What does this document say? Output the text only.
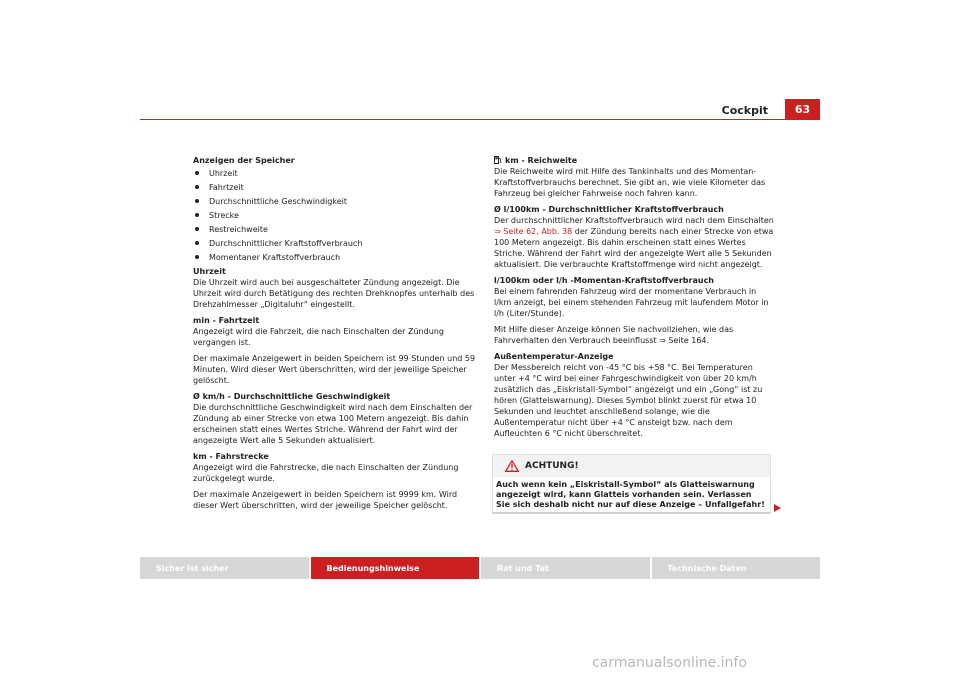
Cockpit	63

Anzeigen der Speicher

Uhrzeit
Fahrtzeit
Durchschnittliche Geschwindigkeit
Strecke
Restreichweite
Durchschnittlicher Kraftstoffverbrauch
Momentaner Kraftstoffverbrauch

Uhrzeit

Die Uhrzeit wird auch bei ausgeschalteter Zündung angezeigt. Die Uhrzeit wird durch Betätigung des rechten Drehknopfes unterhalb des Drehzahlmesser „Digitaluhr“ eingestellt.

min - Fahrtzeit

Angezeigt wird die Fahrzeit, die nach Einschalten der Zündung vergangen ist.

Der maximale Anzeigewert in beiden Speichern ist 99 Stunden und 59 Minuten. Wird dieser Wert überschritten, wird der jeweilige Speicher gelöscht.

Ø km/h - Durchschnittliche Geschwindigkeit

Die durchschnittliche Geschwindigkeit wird nach dem Einschalten der Zündung ab einer Strecke von etwa 100 Metern angezeigt. Bis dahin erscheinen statt eines Wertes Striche. Während der Fahrt wird der angezeigte Wert alle 5 Sekunden aktualisiert.

km - Fahrstrecke

Angezeigt wird die Fahrstrecke, die nach Einschalten der Zündung zurückgelegt wurde.

Der maximale Anzeigewert in beiden Speichern ist 9999 km. Wird dieser Wert überschritten, wird der jeweilige Speicher gelöscht.

km - Reichweite

Die Reichweite wird mit Hilfe des Tankinhalts und des Momentan-Kraftstoffverbrauchs berechnet. Sie gibt an, wie viele Kilometer das Fahrzeug bei gleicher Fahrweise noch fahren kann.

Ø l/100km - Durchschnittlicher Kraftstoffverbrauch

Der durchschnittlicher Kraftstoffverbrauch wird nach dem Einschalten
⇒ Seite 62, Abb. 38 der Zündung bereits nach einer Strecke von etwa 100 Metern angezeigt. Bis dahin erscheinen statt eines Wertes Striche. Während der Fahrt wird der angezeigte Wert alle 5 Sekunden aktualisiert. Die verbrauchte Kraftstoffmenge wird nicht angezeigt.

l/100km oder l/h -Momentan-Kraftstoffverbrauch

Bei einem fahrenden Fahrzeug wird der momentane Verbrauch in l/km anzeigt, bei einem stehenden Fahrzeug mit laufendem Motor in l/h (Liter/Stunde).

Mit Hilfe dieser Anzeige können Sie nachvollziehen, wie das Fahrverhalten den Verbrauch beeinflusst ⇒ Seite 164.

Außentemperatur-Anzeige

Der Messbereich reicht von -45 °C bis +58 °C. Bei Temperaturen unter +4 °C wird bei einer Fahrgeschwindigkeit von über 20 km/h zusätzlich das „Eiskristall-Symbol“ angezeigt und ein „Gong“ ist zu hören (Glatteiswarnung). Dieses Symbol blinkt zuerst für etwa 10 Sekunden und leuchtet anschließend solange, wie die Außentemperatur nicht über +4 °C ansteigt bzw. nach dem Aufleuchten 6 °C nicht überschreitet.

ACHTUNG!
Auch wenn kein „Eiskristall-Symbol“ als Glatteiswarnung angezeigt wird, kann Glatteis vorhanden sein. Verlassen Sie sich deshalb nicht nur auf diese Anzeige – Unfallgefahr!
Sicher ist sicher	Bedienungshinweise	Rat und Tat	Technische Daten
carmanualsonline.info
